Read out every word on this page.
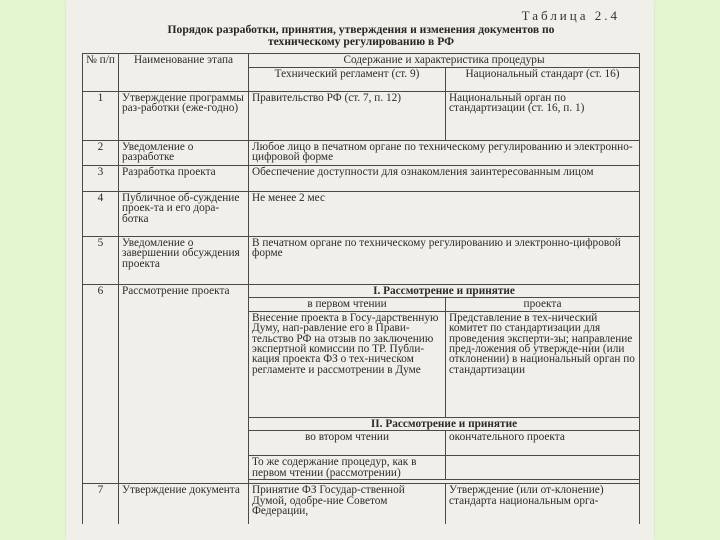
Таблица 2.4
Порядок разработки, принятия, утверждения и изменения документов по
техническому регулированию в РФ
№ п/п	Наименование этапа	Содержание и характеристика процедуры	
		Технический регламент (ст. 9)	Национальный стандарт (ст. 16)
1	Утверждение программы раз-работки (еже-годно)	Правительство РФ (ст. 7, п. 12)	Национальный орган по стандартизации (ст. 16, п. 1)
2	Уведомление о разработке	Любое лицо в печатном органе по техническому регулированию и электронно-цифровой форме	
3	Разработка проекта	Обеспечение доступности для ознакомления заинтересованным лицом	
4	Публичное об-суждение проек-та и его дора-ботка	Не менее 2 мес	
5	Уведомление о завершении обсуждения проекта	В печатном органе по техническому регулированию и электронно-цифровой форме	
6	Рассмотрение проекта	I. Рассмотрение и принятие	
		в первом чтении	проекта
		Внесение проекта в Госу-дарственную Думу, нап-равление его в Прави-тельство РФ на отзыв по заключению экспертной комиссии по ТР. Публи-кация проекта ФЗ о тех-ническом регламенте и рассмотрении в Думе	Представление в тех-нический комитет по стандартизации для проведения эксперти-зы; направление пред-ложения об утвержде-нии (или отклонении) в национальный орган по стандартизации
		II. Рассмотрение и принятие	
		во втором чтении	окончательного проекта
		То же содержание процедур, как в первом чтении (рассмотрении)	

7	Утверждение документа	Принятие ФЗ Государ-ственной Думой, одобре-ние Советом Федерации,	Утверждение (или от-клонение) стандарта национальным орга-
